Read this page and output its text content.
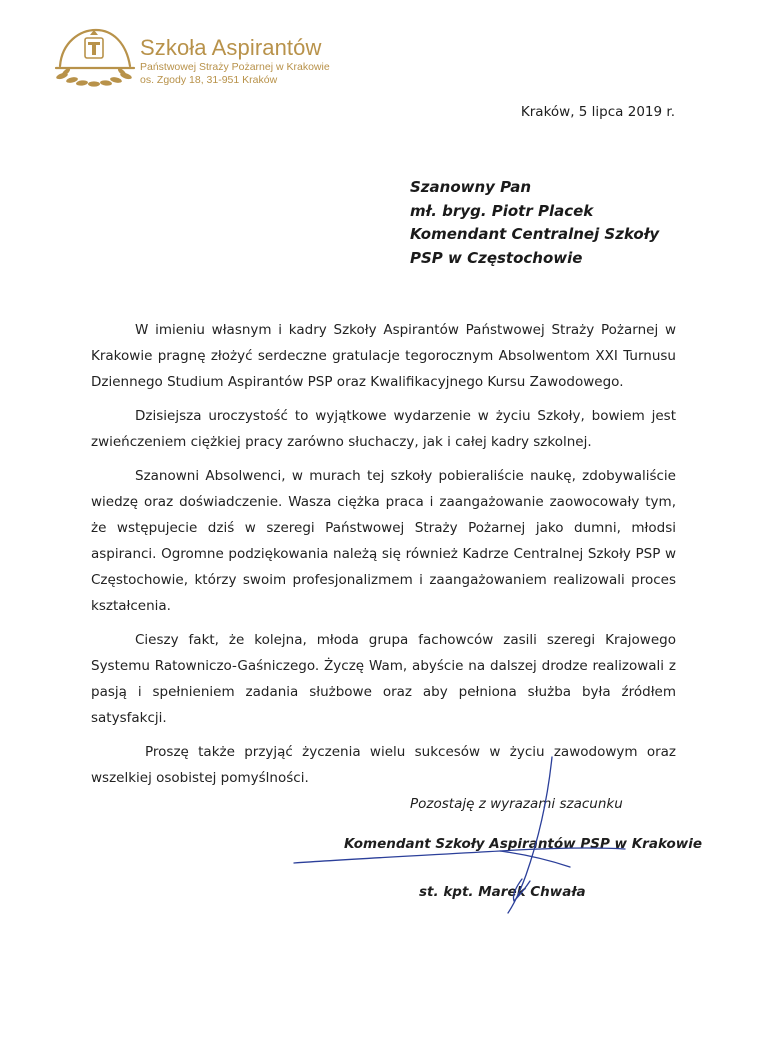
Szkoła Aspirantów
Państwowej Straży Pożarnej w Krakowie
os. Zgody 18, 31-951 Kraków
Kraków, 5 lipca 2019 r.
Szanowny Pan
mł. bryg. Piotr Placek
Komendant Centralnej Szkoły
PSP w Częstochowie

W imieniu własnym i kadry Szkoły Aspirantów Państwowej Straży Pożarnej w Krakowie pragnę złożyć serdeczne gratulacje tegorocznym Absolwentom XXI Turnusu Dziennego Studium Aspirantów PSP oraz Kwalifikacyjnego Kursu Zawodowego.

Dzisiejsza uroczystość to wyjątkowe wydarzenie w życiu Szkoły, bowiem jest zwieńczeniem ciężkiej pracy zarówno słuchaczy, jak i całej kadry szkolnej.

Szanowni Absolwenci, w murach tej szkoły pobieraliście naukę, zdobywaliście wiedzę oraz doświadczenie. Wasza ciężka praca i zaangażowanie zaowocowały tym, że wstępujecie dziś w szeregi Państwowej Straży Pożarnej jako dumni, młodsi aspiranci. Ogromne podziękowania należą się również Kadrze Centralnej Szkoły PSP w Częstochowie, którzy swoim profesjonalizmem i zaangażowaniem realizowali proces kształcenia.

Cieszy fakt, że kolejna, młoda grupa fachowców zasili szeregi Krajowego Systemu Ratowniczo-Gaśniczego. Życzę Wam, abyście na dalszej drodze realizowali z pasją i spełnieniem zadania służbowe oraz aby pełniona służba była źródłem satysfakcji.

Proszę także przyjąć życzenia wielu sukcesów w życiu zawodowym oraz wszelkiej osobistej pomyślności.

Pozostaję z wyrazami szacunku
Komendant Szkoły Aspirantów PSP w Krakowie
st. kpt. Marek Chwała
